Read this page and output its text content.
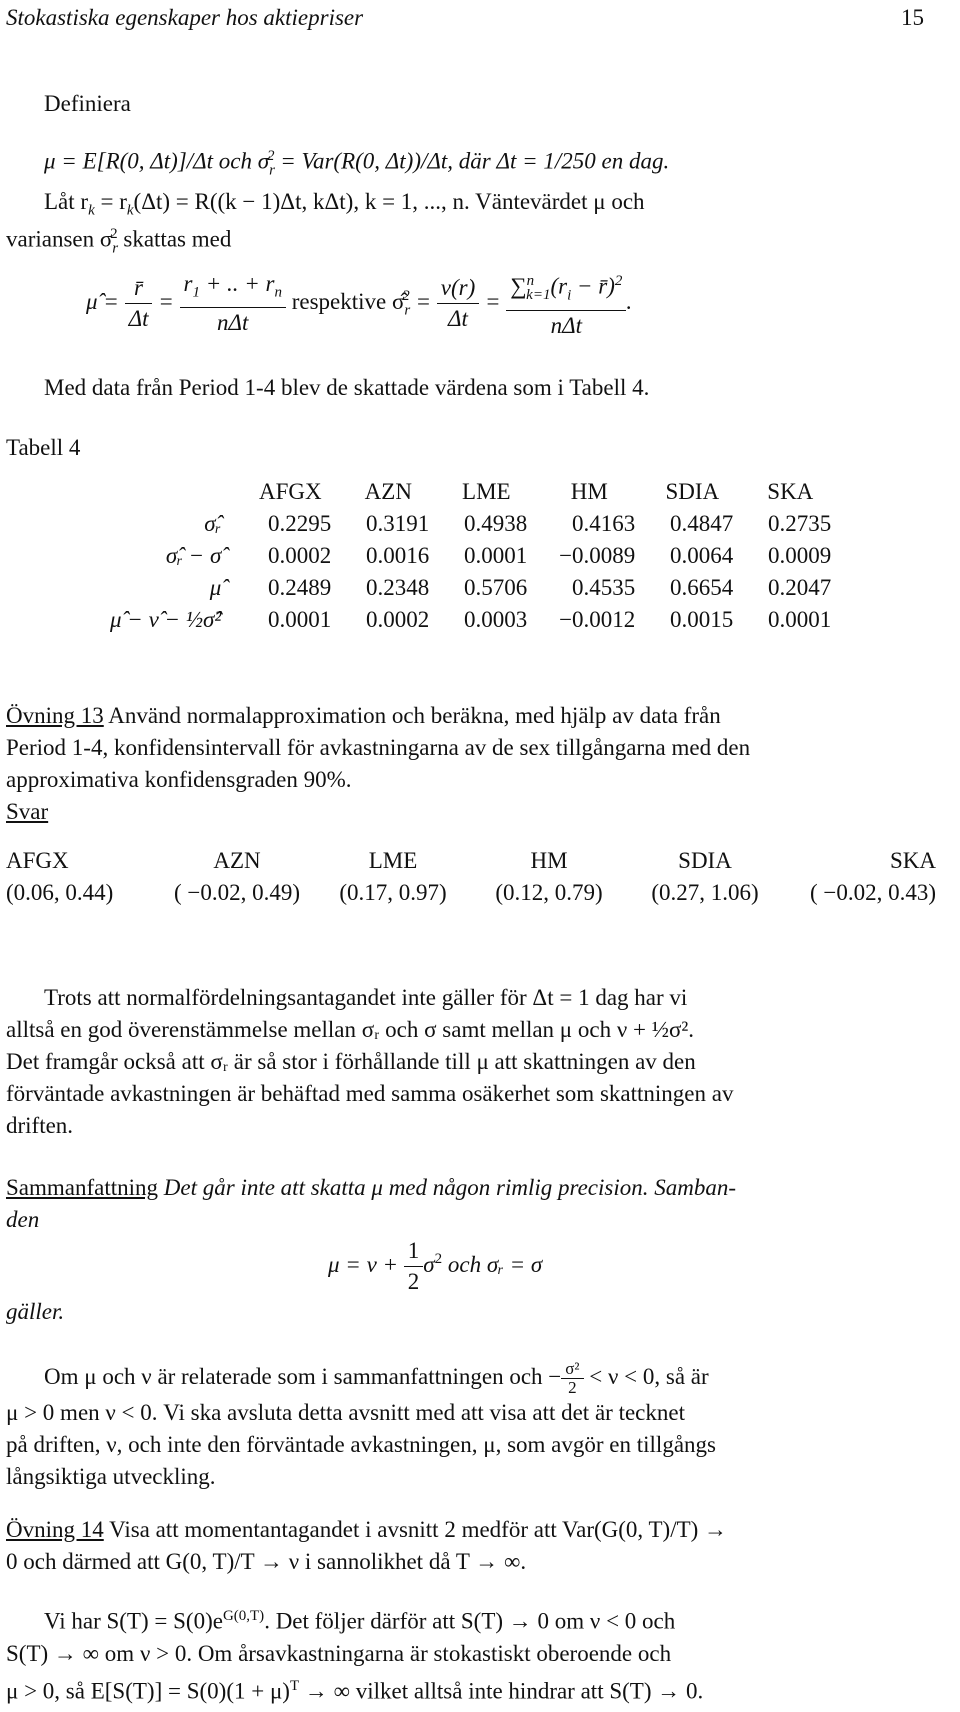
Stokastiska egenskaper hos aktiepriser	15
Definiera
μ = E[R(0, Δt)]/Δt och $\sigma_r^2 = Var(R(0$, Δt))/Δt, där Δt = 1/250 en dag.
Låt $r_k = r_k(\Delta t) = R((k - 1)\Delta t$, kΔt), k = 1, ..., n. Väntevärdet μ och
variansen $\sigma_r^2$ skattas med
μ̂ = $\frac{r̄}{\Delta t} = \frac{r_1 + .. + r_n}{\text{nΔt}}$ respektive $\sigmâ_r^2 = \frac{v(r)}{\Delta t} = \frac{\sum^n_{k=1}(r_i - r̄)^2}{\text{nΔt}}$ .
Med data från Period 1-4 blev de skattade värdena som i Tabell 4.
Tabell 4
	AFGX	AZN	LME	HM	SDIA	SKA
σ̂ᵣ	0.2295	0.3191	0.4938	0.4163	0.4847	0.2735
σ̂ᵣ − σ̂	0.0002	0.0016	0.0001	−0.0089	0.0064	0.0009
μ̂	0.2489	0.2348	0.5706	0.4535	0.6654	0.2047
μ̂ − ν̂ − ½σ̂²	0.0001	0.0002	0.0003	−0.0012	0.0015	0.0001
Övning 13 Använd normalapproximation och beräkna, med hjälp av data från
Period 1-4, konfidensintervall för avkastningarna av de sex tillgångarna med den
approximativa konfidensgraden 90%.
Svar
AFGX	AZN	LME	HM	SDIA	SKA
(0.06, 0.44)	( −0.02, 0.49)	(0.17, 0.97)	(0.12, 0.79)	(0.27, 1.06)	( −0.02, 0.43)
Trots att normalfördelningsantagandet inte gäller för Δt = 1 dag har vi
alltså en god överenstämmelse mellan σᵣ och σ samt mellan μ och ν + ½σ².
Det framgår också att σᵣ är så stor i förhållande till μ att skattningen av den
förväntade avkastningen är behäftad med samma osäkerhet som skattningen av
driften.
Sammanfattning Det går inte att skatta μ med någon rimlig precision. Samban-
den
$\mu = \nu + \frac{1}{2} \sigma^2$ och σᵣ = σ
gäller.
Om μ och ν är relaterade som i sammanfattningen och − $\frac{\text{σ²}}{2} < \nu < 0$, så är
μ > 0 men ν < 0. Vi ska avsluta detta avsnitt med att visa att det är tecknet
på driften, ν, och inte den förväntade avkastningen, μ, som avgör en tillgångs
långsiktiga utveckling.
Övning 14 Visa att momentantagandet i avsnitt 2 medför att Var(G(0, T)/T) →
0 och därmed att G(0, T)/T → ν i sannolikhet då T → ∞.
Vi har $S(T) = S(0)e^{G(0,T)}$. Det följer därför att S(T) → 0 om ν < 0 och
S(T) → ∞ om ν > 0. Om årsavkastningarna är stokastiskt oberoende och
μ > 0, så $E[S(T)] = S(0)(1 + \mu)^T$ → ∞ vilket alltså inte hindrar att S(T) → 0.
